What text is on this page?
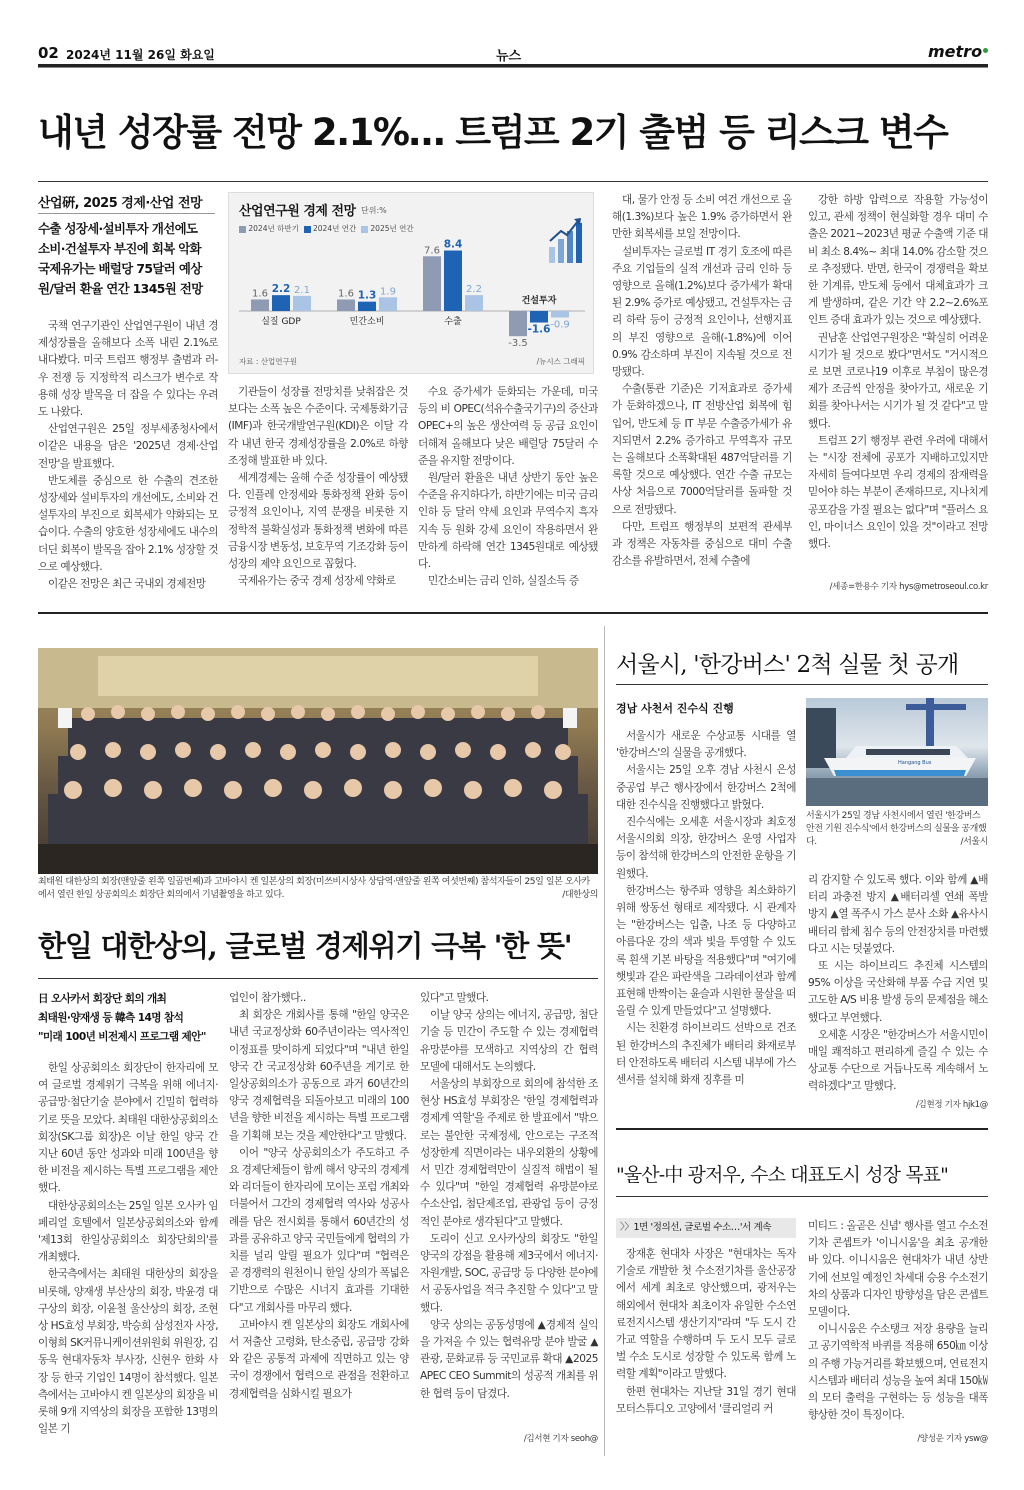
02 2024년 11월 26일 화요일	뉴스	metro
내년 성장률 전망 2.1%… 트럼프 2기 출범 등 리스크 변수
산업硏, 2025 경제·산업 전망
수출 성장세·설비투자 개선에도
소비·건설투자 부진에 회복 악화
국제유가는 배럴당 75달러 예상
원/달러 환율 연간 1345원 전망
산업연구원 경제 전망 단위:%
2024년 하반기 2024년 연간 2025년 연간
1.6 2.2 2.1
실질 GDP
1.6 1.3 1.9
민간소비
7.6
8.4
2.2
수출
-3.5
-1.6 -0.9
건설투자
자료 : 산업연구원	/뉴시스 그래픽

국책 연구기관인 산업연구원이 내년 경제성장률을 올해보다 소폭 내린 2.1%로 내다봤다. 미국 트럼프 행정부 출범과 러-우 전쟁 등 지정학적 리스크가 변수로 작용해 성장 발목을 더 잡을 수 있다는 우려도 나왔다.

산업연구원은 25일 정부세종청사에서 이같은 내용을 담은 '2025년 경제·산업 전망'을 발표했다.

반도체를 중심으로 한 수출의 견조한 성장세와 설비투자의 개선에도, 소비와 건설투자의 부진으로 회복세가 약화되는 모습이다. 수출의 양호한 성장세에도 내수의 더딘 회복이 발목을 잡아 2.1% 성장할 것으로 예상했다.

이같은 전망은 최근 국내외 경제전망

기관들이 성장률 전망치를 낮춰잡은 것보다는 소폭 높은 수준이다. 국제통화기금(IMF)과 한국개발연구원(KDI)은 이달 각각 내년 한국 경제성장률을 2.0%로 하향 조정해 발표한 바 있다.

세계경제는 올해 수준 성장률이 예상됐다. 인플레 안정세와 통화정책 완화 등이 긍정적 요인이나, 지역 분쟁을 비롯한 지정학적 불확실성과 통화정책 변화에 따른 금융시장 변동성, 보호무역 기조강화 등이 성장의 제약 요인으로 꼽혔다.

국제유가는 중국 경제 성장세 약화로

수요 증가세가 둔화되는 가운데, 미국 등의 비 OPEC(석유수출국기구)의 증산과 OPEC+의 높은 생산여력 등 공급 요인이 더해져 올해보다 낮은 배럴당 75달러 수준을 유지할 전망이다.

원/달러 환율은 내년 상반기 동안 높은 수준을 유지하다가, 하반기에는 미국 금리 인하 등 달러 약세 요인과 무역수지 흑자 지속 등 원화 강세 요인이 작용하면서 완만하게 하락해 연간 1345원대로 예상됐다.

민간소비는 금리 인하, 실질소득 증

대, 물가 안정 등 소비 여건 개선으로 올해(1.3%)보다 높은 1.9% 증가하면서 완만한 회복세를 보일 전망이다.

설비투자는 글로벌 IT 경기 호조에 따른 주요 기업들의 실적 개선과 금리 인하 등 영향으로 올해(1.2%)보다 증가세가 확대된 2.9% 증가로 예상됐고, 건설투자는 금리 하락 등이 긍정적 요인이나, 선행지표의 부진 영향으로 올해(-1.8%)에 이어 0.9% 감소하며 부진이 지속될 것으로 전망됐다.

수출(통관 기준)은 기저효과로 증가세가 둔화하겠으나, IT 전방산업 회복에 힘입어, 반도체 등 IT 부문 수출증가세가 유지되면서 2.2% 증가하고 무역흑자 규모는 올해보다 소폭확대된 487억달러를 기록할 것으로 예상했다. 연간 수출 규모는 사상 처음으로 7000억달러를 돌파할 것으로 전망됐다.

다만, 트럼프 행정부의 보편적 관세부과 정책은 자동차를 중심으로 대미 수출 감소를 유발하면서, 전체 수출에

강한 하방 압력으로 작용할 가능성이 있고, 관세 정책이 현실화할 경우 대미 수출은 2021~2023년 평균 수출액 기준 대비 최소 8.4%~ 최대 14.0% 감소할 것으로 추정됐다. 반면, 한국이 경쟁력을 확보한 기계류, 반도체 등에서 대체효과가 크게 발생하며, 같은 기간 약 2.2~2.6%포인트 증대 효과가 있는 것으로 예상됐다.

권남훈 산업연구원장은 "확실히 어려운 시기가 될 것으로 봤다"면서도 "거시적으로 보면 코로나19 이후로 부침이 많은경제가 조금씩 안정을 찾아가고, 새로운 기회를 찾아나서는 시기가 될 것 같다"고 말했다.

트럼프 2기 행정부 관련 우려에 대해서는 "시장 전체에 공포가 지배하고있지만 자세히 들여다보면 우리 경제의 잠재력을 믿어야 하는 부분이 존재하므로, 지나치게 공포감을 가질 필요는 없다"며 "플러스 요인, 마이너스 요인이 있을 것"이라고 전망했다.

/세종=한용수 기자 hys@metroseoul.co.kr
최태원 대한상의 회장(맨앞줄 왼쪽 일곱번째)과 고바야시 켄 일본상의 회장(미쓰비시상사 상담역·맨앞줄 왼쪽 여섯번째) 참석자들이 25일 일본 오사카에서 열린 한일 상공회의소 회장단 회의에서 기념촬영을 하고 있다.	/대한상의
한일 대한상의, 글로벌 경제위기 극복 '한 뜻'
日 오사카서 회장단 회의 개최
최태원·양재생 등 韓측 14명 참석
"미래 100년 비전제시 프로그램 제안"

한일 상공회의소 회장단이 한자리에 모여 글로벌 경제위기 극복을 위해 에너지·공급망·첨단기술 분야에서 긴밀히 협력하기로 뜻을 모았다. 최태원 대한상공회의소 회장(SK그룹 회장)은 이날 한일 양국 간 지난 60년 동안 성과와 미래 100년을 향한 비전을 제시하는 특별 프로그램을 제안했다.

대한상공회의소는 25일 일본 오사카 임페리얼 호텔에서 일본상공회의소와 함께 '제13회 한일상공회의소 회장단회의'를 개최했다.

한국측에서는 최태원 대한상의 회장을 비롯해, 양재생 부산상의 회장, 박윤경 대구상의 회장, 이윤철 울산상의 회장, 조현상 HS효성 부회장, 박승희 삼성전자 사장, 이형희 SK커뮤니케이션위원회 위원장, 김동욱 현대자동차 부사장, 신현우 한화 사장 등 한국 기업인 14명이 참석했다. 일본 측에서는 고바야시 켄 일본상의 회장을 비롯해 9개 지역상의 회장을 포함한 13명의 일본 기

업인이 참가했다..

최 회장은 개회사를 통해 "한일 양국은 내년 국교정상화 60주년이라는 역사적인 이정표를 맞이하게 되었다"며 "내년 한일 양국 간 국교정상화 60주년을 계기로 한일상공회의소가 공동으로 과거 60년간의 양국 경제협력을 되돌아보고 미래의 100년을 향한 비전을 제시하는 특별 프로그램을 기획해 보는 것을 제안한다"고 말했다.

이어 "양국 상공회의소가 주도하고 주요 경제단체들이 함께 해서 양국의 경제계와 리더들이 한자리에 모이는 포럼 개최와 더불어서 그간의 경제협력 역사와 성공사례를 담은 전시회를 통해서 60년간의 성과를 공유하고 양국 국민들에게 협력의 가치를 널리 알릴 필요가 있다"며 "협력은 곧 경쟁력의 원천이니 한일 상의가 폭넓은 기반으로 수많은 시너지 효과를 기대한다"고 개회사를 마무리 했다.

고바야시 켄 일본상의 회장도 개회사에서 저출산 고령화, 탄소중립, 공급망 강화와 같은 공통적 과제에 직면하고 있는 양국이 경쟁에서 협력으로 관점을 전환하고 경제협력을 심화시킬 필요가

있다"고 말했다.

이날 양국 상의는 에너지, 공급망, 첨단기술 등 민간이 주도할 수 있는 경제협력 유망분야를 모색하고 지역상의 간 협력 모델에 대해서도 논의했다.

서울상의 부회장으로 회의에 참석한 조현상 HS효성 부회장은 '한일 경제협력과 경제계 역할'을 주제로 한 발표에서 "밖으로는 불안한 국제정세, 안으로는 구조적 성장한계 직면이라는 내우외환의 상황에서 민간 경제협력만이 실질적 해법이 될 수 있다"며 "한일 경제협력 유망분야로 수소산업, 첨단제조업, 관광업 등이 긍정적인 분야로 생각된다"고 말했다.

도리이 신고 오사카상의 회장도 "한일 양국의 강점을 활용해 제3국에서 에너지·자원개발, SOC, 공급망 등 다양한 분야에서 공동사업을 적극 추진할 수 있다"고 말했다.

양국 상의는 공동성명에 ▲경제적 실익을 가져올 수 있는 협력유망 분야 발굴 ▲관광, 문화교류 등 국민교류 확대 ▲2025 APEC CEO Summit의 성공적 개최를 위한 협력 등이 담겼다.

/김서현 기자 seoh@
서울시, '한강버스' 2척 실물 첫 공개
경남 사천서 진수식 진행

서울시가 새로운 수상교통 시대를 열 '한강버스'의 실물을 공개했다.

서울시는 25일 오후 경남 사천시 은성중공업 부근 행사장에서 한강버스 2척에 대한 진수식을 진행했다고 밝혔다.

진수식에는 오세훈 서울시장과 최호정 서울시의회 의장, 한강버스 운영 사업자 등이 참석해 한강버스의 안전한 운항을 기원했다.

한강버스는 항주파 영향을 최소화하기 위해 쌍동선 형태로 제작됐다. 시 관계자는 "한강버스는 입출, 나조 등 다양하고 아름다운 강의 색과 빛을 투영할 수 있도록 흰색 기본 바탕을 적용했다"며 "여기에 햇빛과 같은 파란색을 그라데이션과 함께 표현해 반짝이는 윤슬과 시원한 물살을 떠올릴 수 있게 만들었다"고 설명했다.

시는 친환경 하이브리드 선박으로 건조된 한강버스의 추진체가 배터리 화재로부터 안전하도록 배터리 시스템 내부에 가스 센서를 설치해 화재 징후를 미

Hangang Bus
서울시가 25일 경남 사천시에서 열린 '한강버스 안전 기원 진수식'에서 한강버스의 실물을 공개했다.	/서울시

리 감지할 수 있도록 했다. 이와 함께 ▲배터리 과충전 방지 ▲배터리셀 연쇄 폭발 방지 ▲열 폭주시 가스 분사 소화 ▲유사시 배터리 함체 침수 등의 안전장치를 마련했다고 시는 덧붙였다.

또 시는 하이브리드 추진체 시스템의 95% 이상을 국산화해 부품 수급 지연 및 고도한 A/S 비용 발생 등의 문제점을 해소했다고 부연했다.

오세훈 시장은 "한강버스가 서울시민이 매일 쾌적하고 편리하게 즐길 수 있는 수상교통 수단으로 거듭나도록 계속해서 노력하겠다"고 말했다.

/김현정 기자 hjk1@
"울산-中 광저우, 수소 대표도시 성장 목표"
〉〉1면 '정의선, 글로벌 수소…'서 계속

장재훈 현대차 사장은 "현대차는 독자기술로 개발한 첫 수소전기차를 울산공장에서 세계 최초로 양산했으며, 광저우는 해외에서 현대차 최초이자 유일한 수소연료전지시스템 생산기지"라며 "두 도시 간 가교 역할을 수행하며 두 도시 모두 글로벌 수소 도시로 성장할 수 있도록 함께 노력할 계획"이라고 말했다.

한편 현대차는 지난달 31일 경기 현대모터스튜디오 고양에서 '클리얼리 커

미티드 : 올곧은 신념' 행사를 열고 수소전기차 콘셉트카 '이니시움'을 최초 공개한 바 있다. 이니시움은 현대차가 내년 상반기에 선보일 예정인 차세대 승용 수소전기차의 상품과 디자인 방향성을 담은 콘셉트 모델이다.

이니시움은 수소탱크 저장 용량을 늘리고 공기역학적 바퀴를 적용해 650㎞ 이상의 주행 가능거리를 확보했으며, 연료전지시스템과 배터리 성능을 높여 최대 150㎾의 모터 출력을 구현하는 등 성능을 대폭 향상한 것이 특징이다.

/양성운 기자 ysw@
